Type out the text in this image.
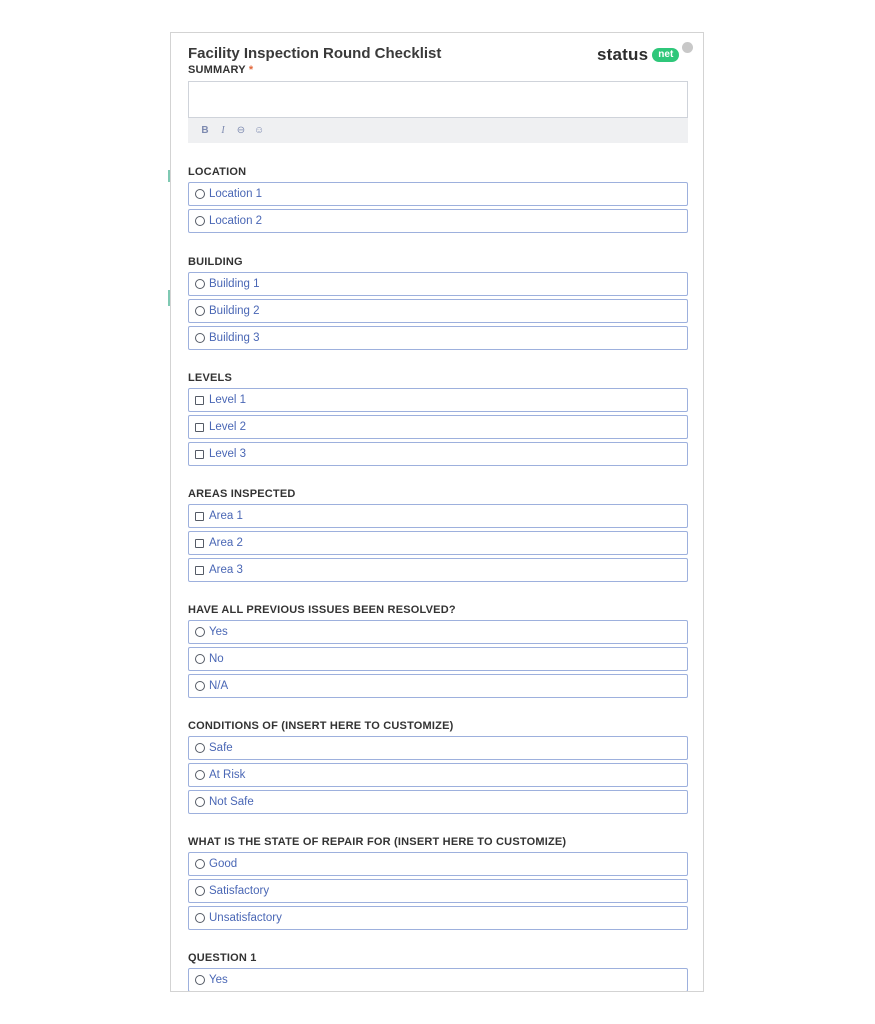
Facility Inspection Round Checklist	status	net
SUMMARY *
B	I	⊖ ☺
LOCATION
Location 1
Location 2
BUILDING
Building 1
Building 2
Building 3
LEVELS
Level 1
Level 2
Level 3
AREAS INSPECTED
Area 1
Area 2
Area 3
HAVE ALL PREVIOUS ISSUES BEEN RESOLVED?
Yes
No
N/A
CONDITIONS OF (INSERT HERE TO CUSTOMIZE)
Safe
At Risk
Not Safe
WHAT IS THE STATE OF REPAIR FOR (INSERT HERE TO CUSTOMIZE)
Good
Satisfactory
Unsatisfactory
QUESTION 1
Yes
